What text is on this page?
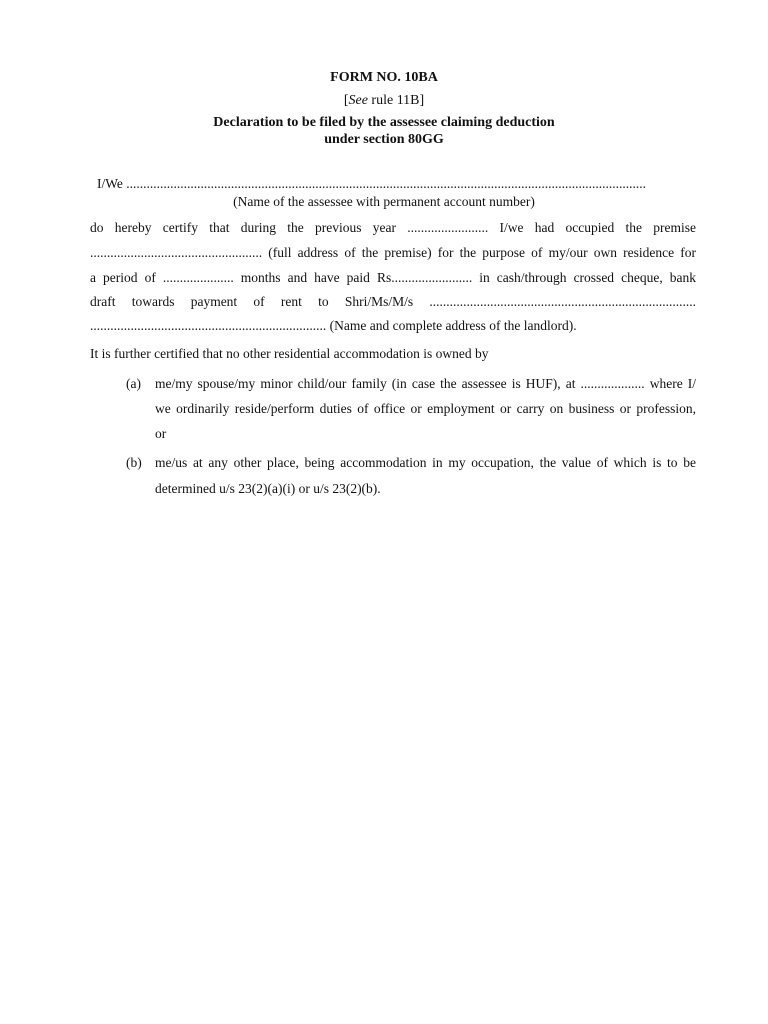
FORM NO. 10BA
[See rule 11B]
Declaration to be filed by the assessee claiming deduction
under section 80GG
I/We ..........................................................................................................................................................
(Name of the assessee with permanent account number)
do hereby certify that during the previous year ........................ I/we had occupied the premise
................................................... (full address of the premise) for the purpose of my/our own residence for
a period of ..................... months and have paid Rs........................ in cash/through crossed cheque, bank
draft towards payment of rent to Shri/Ms/M/s ...............................................................................
...................................................................... (Name and complete address of the landlord).
It is further certified that no other residential accommodation is owned by
(a) me/my spouse/my minor child/our family (in case the assessee is HUF), at ................... where I/
we ordinarily reside/perform duties of office or employment or carry on business or profession,
or
(b) me/us at any other place, being accommodation in my occupation, the value of which is to be
determined u/s 23(2)(a)(i) or u/s 23(2)(b).
